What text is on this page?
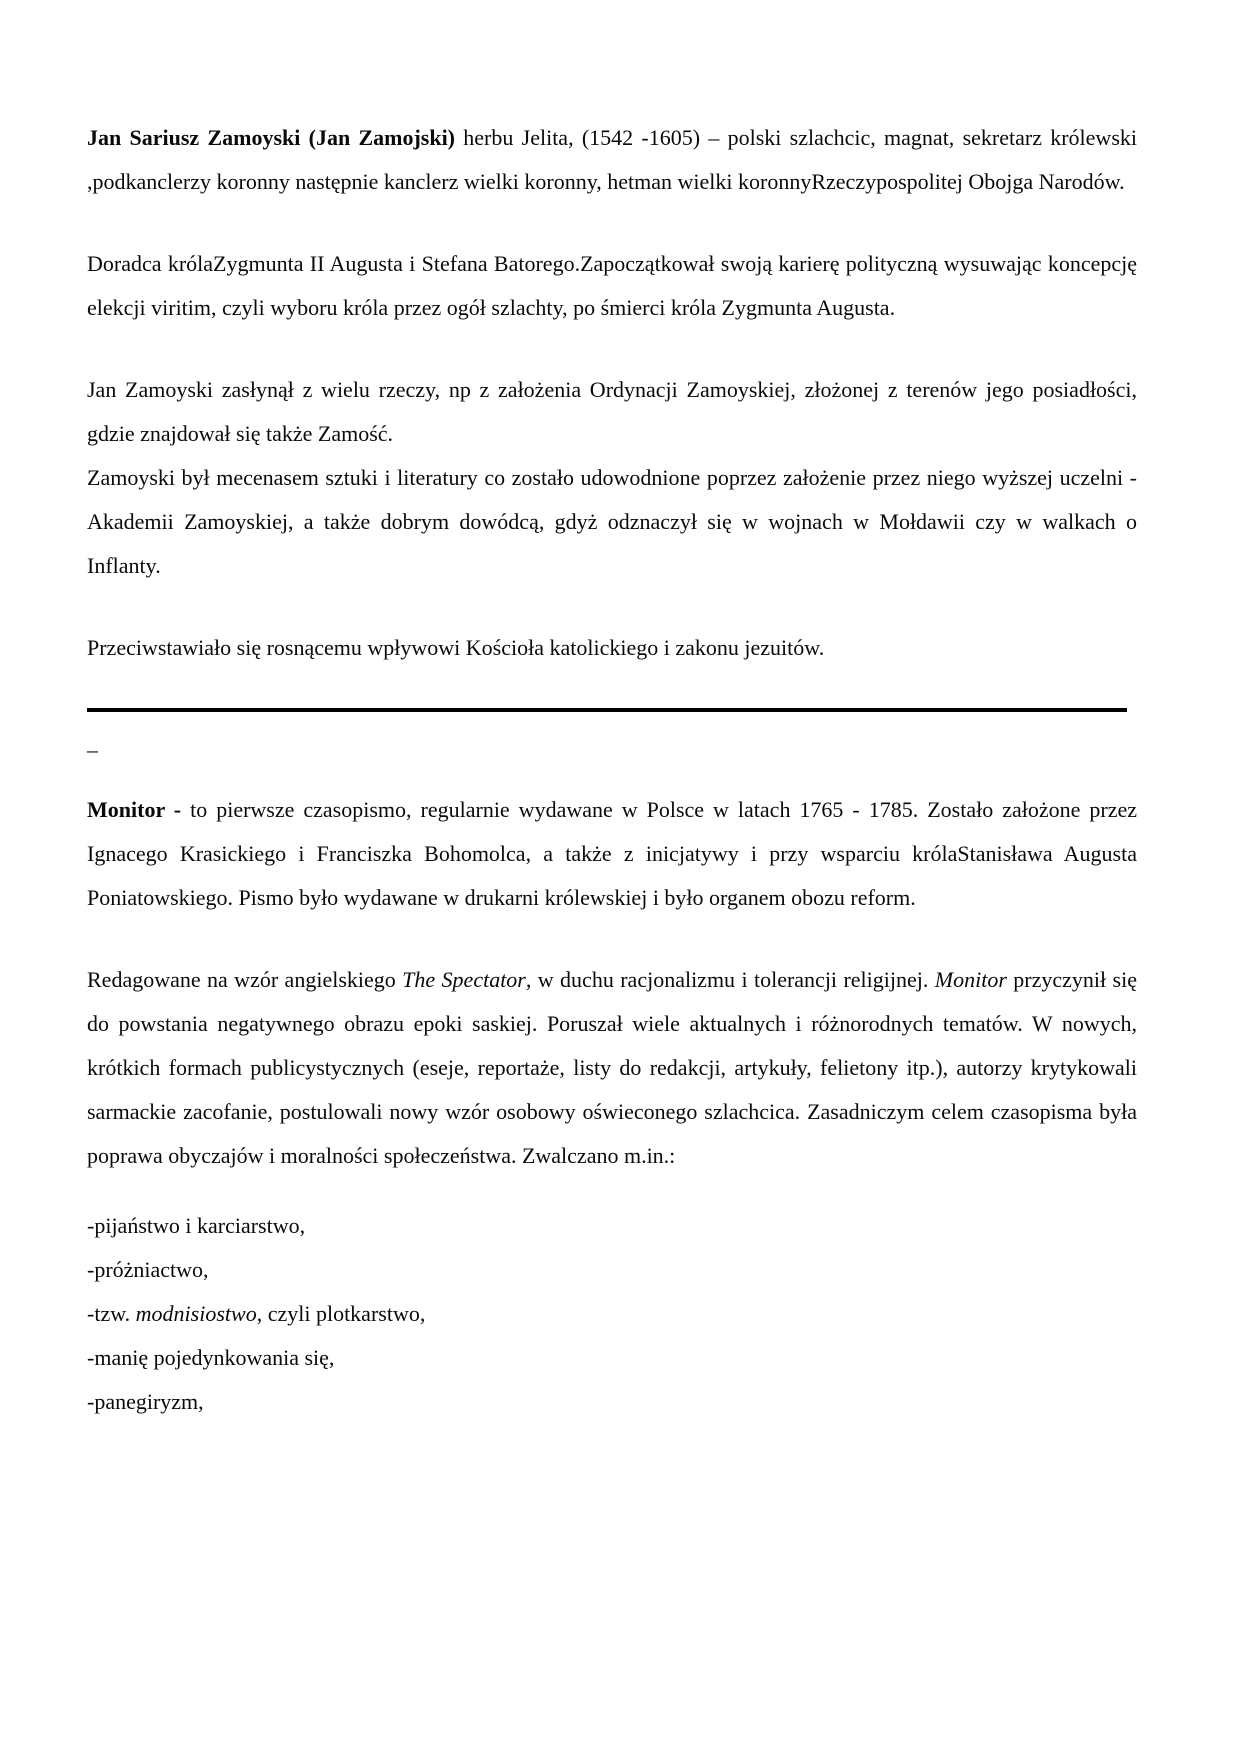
Jan Sariusz Zamoyski (Jan Zamojski) herbu Jelita, (1542 -1605) – polski szlachcic, magnat, sekretarz królewski ,podkanclerzy koronny następnie kanclerz wielki koronny, hetman wielki koronnyRzeczypospolitej Obojga Narodów.

Doradca królaZygmunta II Augusta i Stefana Batorego.Zapoczątkował swoją karierę polityczną wysuwając koncepcję elekcji viritim, czyli wyboru króla przez ogół szlachty, po śmierci króla Zygmunta Augusta.

Jan Zamoyski zasłynął z wielu rzeczy, np z założenia Ordynacji Zamoyskiej, złożonej z terenów jego posiadłości, gdzie znajdował się także Zamość.
Zamoyski był mecenasem sztuki i literatury co zostało udowodnione poprzez założenie przez niego wyższej uczelni - Akademii Zamoyskiej, a także dobrym dowódcą, gdyż odznaczył się w wojnach w Mołdawii czy w walkach o Inflanty.

Przeciwstawiało się rosnącemu wpływowi Kościoła katolickiego i zakonu jezuitów.

–

Monitor - to pierwsze czasopismo, regularnie wydawane w Polsce w latach 1765 - 1785. Zostało założone przez Ignacego Krasickiego i Franciszka Bohomolca, a także z inicjatywy i przy wsparciu królaStanisława Augusta Poniatowskiego. Pismo było wydawane w drukarni królewskiej i było organem obozu reform.

Redagowane na wzór angielskiego The Spectator, w duchu racjonalizmu i tolerancji religijnej. Monitor przyczynił się do powstania negatywnego obrazu epoki saskiej. Poruszał wiele aktualnych i różnorodnych tematów. W nowych, krótkich formach publicystycznych (eseje, reportaże, listy do redakcji, artykuły, felietony itp.), autorzy krytykowali sarmackie zacofanie, postulowali nowy wzór osobowy oświeconego szlachcica. Zasadniczym celem czasopisma była poprawa obyczajów i moralności społeczeństwa. Zwalczano m.in.:

-pijaństwo i karciarstwo,

-próżniactwo,

-tzw. modnisiostwo, czyli plotkarstwo,

-manię pojedynkowania się,

-panegiryzm,
